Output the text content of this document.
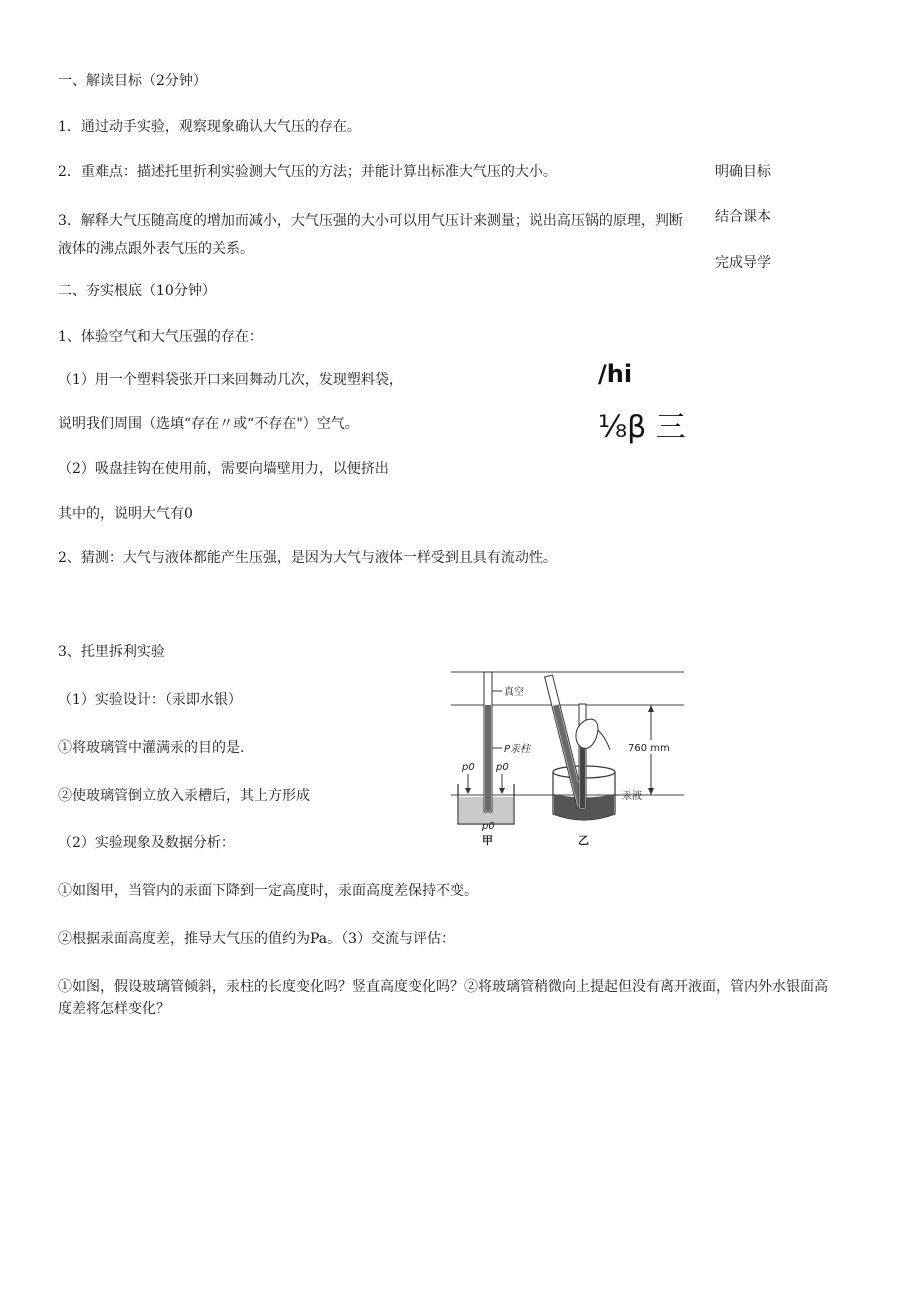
一、解读目标（2分钟）
1．通过动手实验，观察现象确认大气压的存在。
2．重难点：描述托里折利实验测大气压的方法；并能计算出标准大气压的大小。
3．解释大气压随高度的增加而减小，大气压强的大小可以用气压计来测量；说出高压锅的原理，判断液体的沸点跟外表气压的关系。
明确目标
结合课本
完成导学
二、夯实根底（10分钟）
1、体验空气和大气压强的存在：
（1）用一个塑料袋张开口来回舞动几次，发现塑料袋，
说明我们周围（选填“存在〃或“不存在"）空气。
（2）吸盘挂钩在使用前，需要向墙壁用力，以便挤出
其中的，说明大气有0
/hi
⅛β 三
2、猜测：大气与液体都能产生压强，是因为大气与液体一样受到且具有流动性。
3、托里拆利实验
（1）实验设计：（汞即水银）
①将玻璃管中灌满汞的目的是.
②使玻璃管倒立放入汞槽后，其上方形成
（2）实验现象及数据分析：
①如图甲，当管内的汞面下降到一定高度时，汞面高度差保持不变。
②根据汞面高度差，推导大气压的值约为Pa。（3）交流与评估：
①如图，假设玻璃管倾斜，汞柱的长度变化吗？竖直高度变化吗？②将玻璃管稍微向上提起但没有离开液面，管内外水银面高度差将怎样变化？
真空
P汞柱
p0 p0
p0
甲
汞液
乙
760 mm
